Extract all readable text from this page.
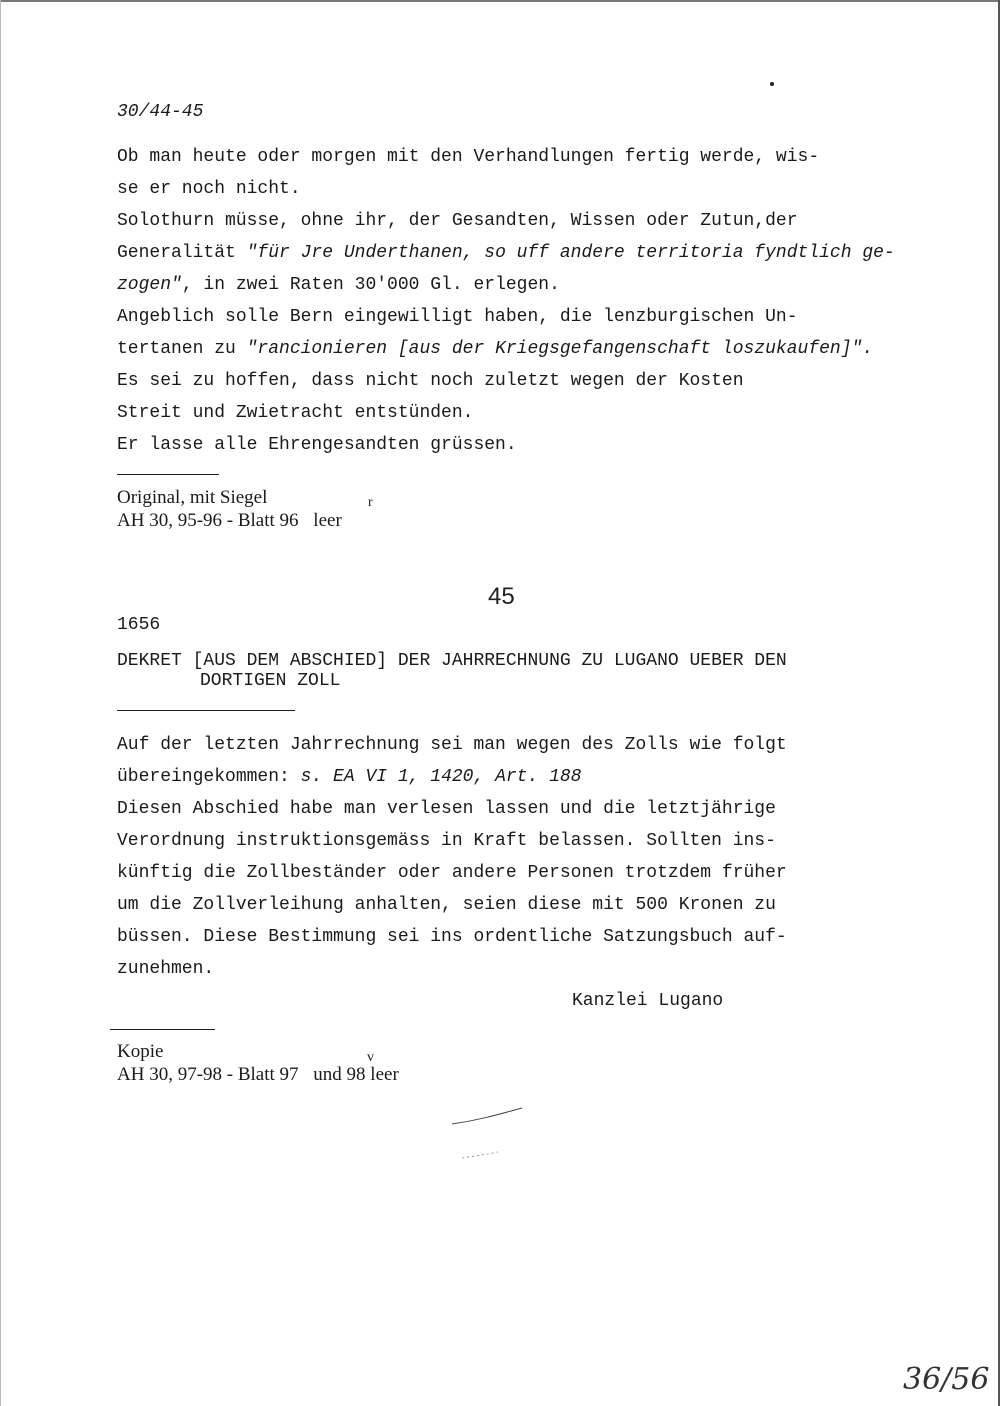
30/44-45
Ob man heute oder morgen mit den Verhandlungen fertig werde, wis-
se er noch nicht.
Solothurn müsse, ohne ihr, der Gesandten, Wissen oder Zutun,der
Generalität "für Jre Underthanen, so uff andere territoria fyndtlich ge-
zogen", in zwei Raten 30'000 Gl. erlegen.
Angeblich solle Bern eingewilligt haben, die lenzburgischen Un-
tertanen zu "rancionieren [aus der Kriegsgefangenschaft loszukaufen]".
Es sei zu hoffen, dass nicht noch zuletzt wegen der Kosten
Streit und Zwietracht entstünden.
Er lasse alle Ehrengesandten grüssen.
Original, mit Siegel
AH 30, 95-96 - Blatt 96 leer
r
45
1656
DEKRET [AUS DEM ABSCHIED] DER JAHRRECHNUNG ZU LUGANO UEBER DEN
DORTIGEN ZOLL
Auf der letzten Jahrrechnung sei man wegen des Zolls wie folgt
übereingekommen: s. EA VI 1, 1420, Art. 188
Diesen Abschied habe man verlesen lassen und die letztjährige
Verordnung instruktionsgemäss in Kraft belassen. Sollten ins-
künftig die Zollbeständer oder andere Personen trotzdem früher
um die Zollverleihung anhalten, seien diese mit 500 Kronen zu
büssen. Diese Bestimmung sei ins ordentliche Satzungsbuch auf-
zunehmen.
Kanzlei Lugano
Kopie
AH 30, 97-98 - Blatt 97 und 98 leer
v
36/56
